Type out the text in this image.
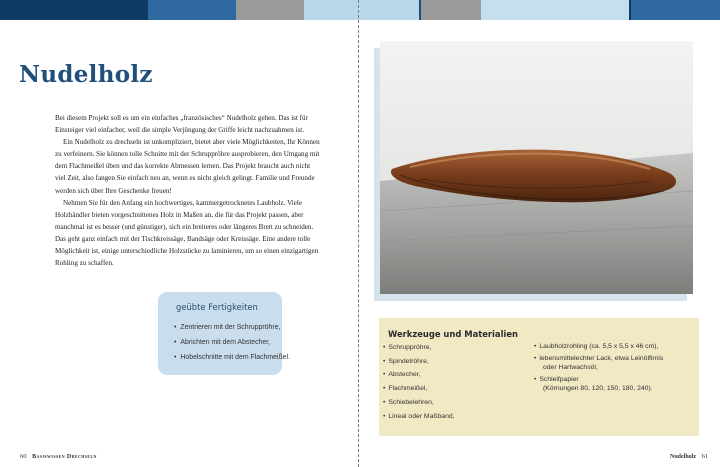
Nudelholz

Bei diesem Projekt soll es um ein einfaches „französisches“ Nudelholz gehen. Das ist für Einsteiger viel einfacher, weil die simple Verjüngung der Griffe leicht nachzuahmen ist.

Ein Nudelholz zu drechseln ist unkompliziert, bietet aber viele Möglichkeiten, Ihr Können zu verfeinern. Sie können tolle Schnitte mit der Schruppröhre ausprobieren, den Umgang mit dem Flachmeißel üben und das korrekte Abmessen lernen. Das Projekt braucht auch nicht viel Zeit, also fangen Sie einfach neu an, wenn es nicht gleich gelingt. Familie und Freunde werden sich über Ihre Geschenke freuen!

Nehmen Sie für den Anfang ein hochwertiges, kammergetrocknetes Laubholz. Viele Holzhändler bieten vorgeschnittenes Holz in Maßen an, die für das Projekt passen, aber manchmal ist es besser (und günstiger), sich ein breiteres oder längeres Brett zu schneiden. Das geht ganz einfach mit der Tischkreissäge, Bandsäge oder Kreissäge. Eine andere tolle Möglichkeit ist, einige unterschiedliche Holzstücke zu laminieren, um so einen einzigartigen Rohling zu schaffen.

geübte Fertigkeiten
• Zentrieren mit der Schruppröhre,
• Abrichten mit dem Abstecher,
• Hobelschnitte mit dem Flachmeißel.
60 Basiswissen Drechseln
Werkzeuge und Materialien
• Schruppröhre,
• Spindelröhre,
• Abstecher,
• Flachmeißel,
• Schiebelehren,
• Lineal oder Maßband,
• Laubholzrohling (ca. 5,5 x 5,5 x 46 cm),
• lebensmittelechter Lack, etwa Leinölfirnis
oder Hartwachsöl,
• Schleifpapier
(Körnungen 80, 120, 150, 180, 240).
Nudelholz 61
